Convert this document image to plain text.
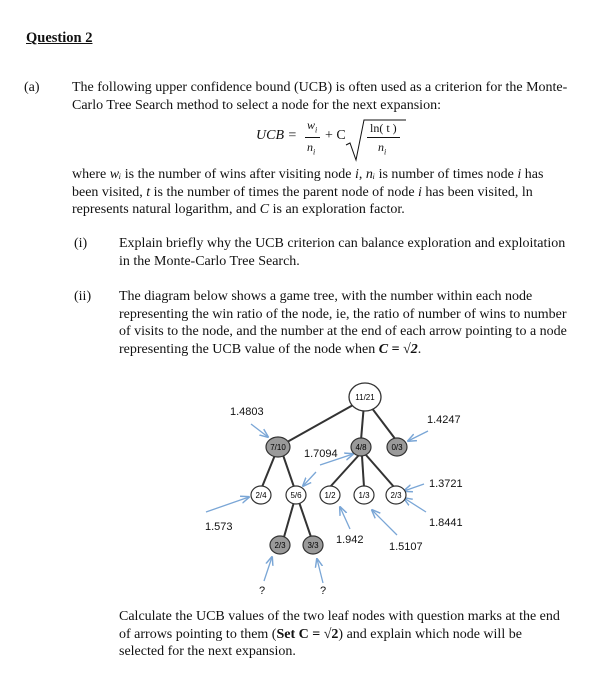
Question 2
(a) The following upper confidence bound (UCB) is often used as a criterion for the Monte-
Carlo Tree Search method to select a node for the next expansion:
UCB =
$w_i$
$n_i$
+ C ln( t )
$n_i$
where wᵢ is the number of wins after visiting node i, nᵢ is number of times node i has
been visited, t is the number of times the parent node of node i has been visited, ln
represents natural logarithm, and C is an exploration factor.
(i) Explain briefly why the UCB criterion can balance exploration and exploitation
in the Monte-Carlo Tree Search.
(ii) The diagram below shows a game tree, with the number within each node
representing the win ratio of the node, ie, the ratio of number of wins to number
of visits to the node, and the number at the end of each arrow pointing to a node
representing the UCB value of the node when C = √2.
11/21
7/10	4/8	0/3
2/4	5/6	1/2	1/3	2/3
2/3	3/3
1.4803
1.4247
1.7094
1.3721
1.573	1.8441
1.942
1.5107
?	?
Calculate the UCB values of the two leaf nodes with question marks at the end
of arrows pointing to them (Set C = √2) and explain which node will be
selected for the next expansion.
